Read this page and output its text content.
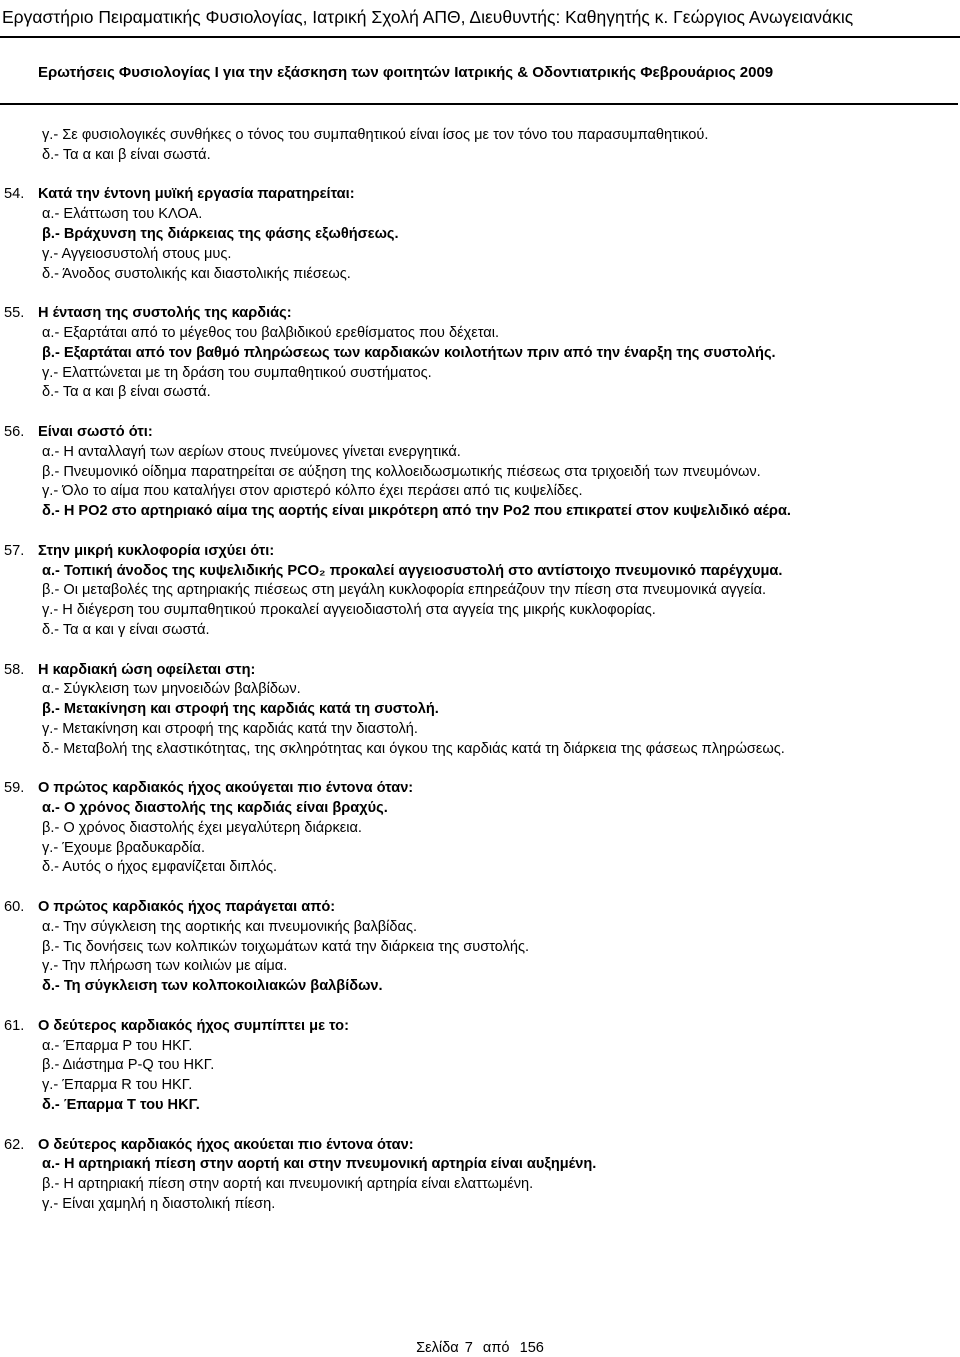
Εργαστήριο Πειραματικής Φυσιολογίας, Ιατρική Σχολή ΑΠΘ, Διευθυντής: Καθηγητής κ. Γεώργιος Ανωγειανάκις
Ερωτήσεις Φυσιολογίας Ι για την εξάσκηση των φοιτητών Ιατρικής & Οδοντιατρικής Φεβρουάριος 2009
γ.- Σε φυσιολογικές συνθήκες ο τόνος του συμπαθητικού είναι ίσος με τον τόνο του παρασυμπαθητικού.
δ.- Τα α και β είναι σωστά.
54. Κατά την έντονη μυϊκή εργασία παρατηρείται:
α.- Ελάττωση του ΚΛΟΑ.
β.- Βράχυνση της διάρκειας της φάσης εξωθήσεως.
γ.- Αγγειοσυστολή στους μυς.
δ.- Άνοδος συστολικής και διαστολικής πιέσεως.
55. Η ένταση της συστολής της καρδιάς:
α.- Εξαρτάται από το μέγεθος του βαλβιδικού ερεθίσματος που δέχεται.
β.- Εξαρτάται από τον βαθμό πληρώσεως των καρδιακών κοιλοτήτων πριν από την έναρξη της συστολής.
γ.- Ελαττώνεται με τη δράση του συμπαθητικού συστήματος.
δ.- Τα α και β είναι σωστά.
56. Είναι σωστό ότι:
α.- Η ανταλλαγή των αερίων στους πνεύμονες γίνεται ενεργητικά.
β.- Πνευμονικό οίδημα παρατηρείται σε αύξηση της κολλοειδωσμωτικής πιέσεως στα τριχοειδή των πνευμόνων.
γ.- Όλο το αίμα που καταλήγει στον αριστερό κόλπο έχει περάσει από τις κυψελίδες.
δ.- Η PO2 στο αρτηριακό αίμα της αορτής είναι μικρότερη από την Po2 που επικρατεί στον κυψελιδικό αέρα.
57. Στην μικρή κυκλοφορία ισχύει ότι:
α.- Τοπική άνοδος της κυψελιδικής PCO₂ προκαλεί αγγειοσυστολή στο αντίστοιχο πνευμονικό παρέγχυμα.
β.- Οι μεταβολές της αρτηριακής πιέσεως στη μεγάλη κυκλοφορία επηρεάζουν την πίεση στα πνευμονικά αγγεία.
γ.- Η διέγερση του συμπαθητικού προκαλεί αγγειοδιαστολή στα αγγεία της μικρής κυκλοφορίας.
δ.- Τα α και γ είναι σωστά.
58. Η καρδιακή ώση οφείλεται στη:
α.- Σύγκλειση των μηνοειδών βαλβίδων.
β.- Μετακίνηση και στροφή της καρδιάς κατά τη συστολή.
γ.- Μετακίνηση και στροφή της καρδιάς κατά την διαστολή.
δ.- Μεταβολή της ελαστικότητας, της σκληρότητας και όγκου της καρδιάς κατά τη διάρκεια της φάσεως πληρώσεως.
59. Ο πρώτος καρδιακός ήχος ακούγεται πιο έντονα όταν:
α.- Ο χρόνος διαστολής της καρδιάς είναι βραχύς.
β.- Ο χρόνος διαστολής έχει μεγαλύτερη διάρκεια.
γ.- Έχουμε βραδυκαρδία.
δ.- Αυτός ο ήχος εμφανίζεται διπλός.
60. Ο πρώτος καρδιακός ήχος παράγεται από:
α.- Την σύγκλειση της αορτικής και πνευμονικής βαλβίδας.
β.- Τις δονήσεις των κολπικών τοιχωμάτων κατά την διάρκεια της συστολής.
γ.- Την πλήρωση των κοιλιών με αίμα.
δ.- Τη σύγκλειση των κολποκοιλιακών βαλβίδων.
61. Ο δεύτερος καρδιακός ήχος συμπίπτει με το:
α.- Έπαρμα P του ΗΚΓ.
β.- Διάστημα P-Q του ΗΚΓ.
γ.- Έπαρμα R του ΗΚΓ.
δ.- Έπαρμα T του ΗΚΓ.
62. Ο δεύτερος καρδιακός ήχος ακούεται πιο έντονα όταν:
α.- Η αρτηριακή πίεση στην αορτή και στην πνευμονική αρτηρία είναι αυξημένη.
β.- Η αρτηριακή πίεση στην αορτή και πνευμονική αρτηρία είναι ελαττωμένη.
γ.- Είναι χαμηλή η διαστολική πίεση.
Σελίδα 7 από 156
